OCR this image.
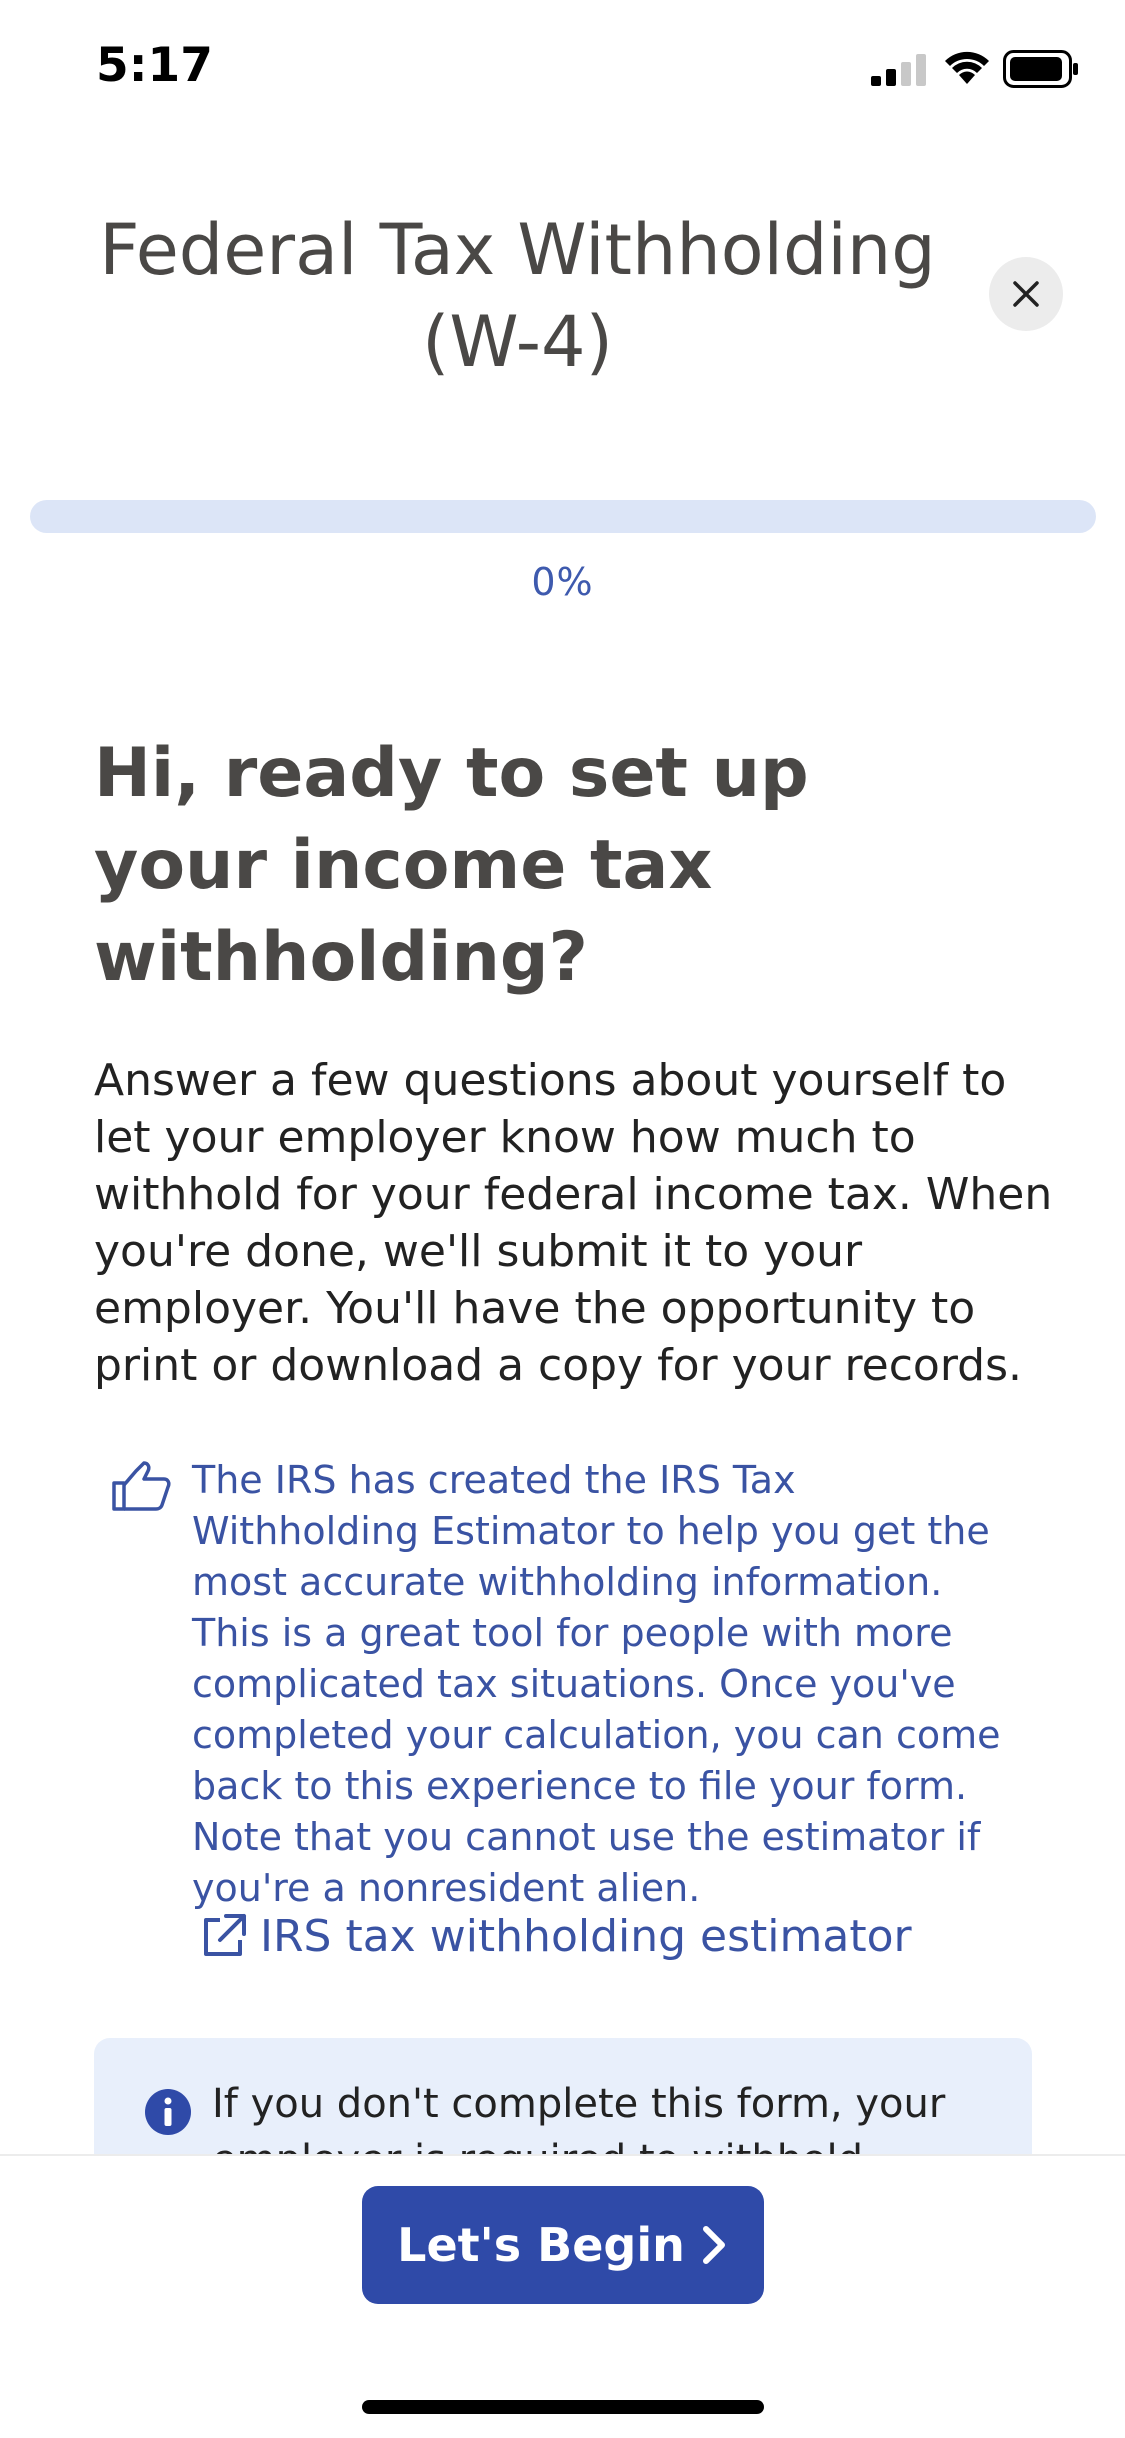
5:17
Federal Tax Withholding (W-4)
0%
Hi, ready to set up your income tax withholding?

Answer a few questions about yourself to let your employer know how much to withhold for your federal income tax. When you're done, we'll submit it to your employer. You'll have the opportunity to print or download a copy for your records.

The IRS has created the IRS Tax Withholding Estimator to help you get the most accurate withholding information. This is a great tool for people with more complicated tax situations. Once you've completed your calculation, you can come back to this experience to file your form. Note that you cannot use the estimator if you're a nonresident alien.

IRS tax withholding estimator

If you don't complete this form, your

Let's Begin
